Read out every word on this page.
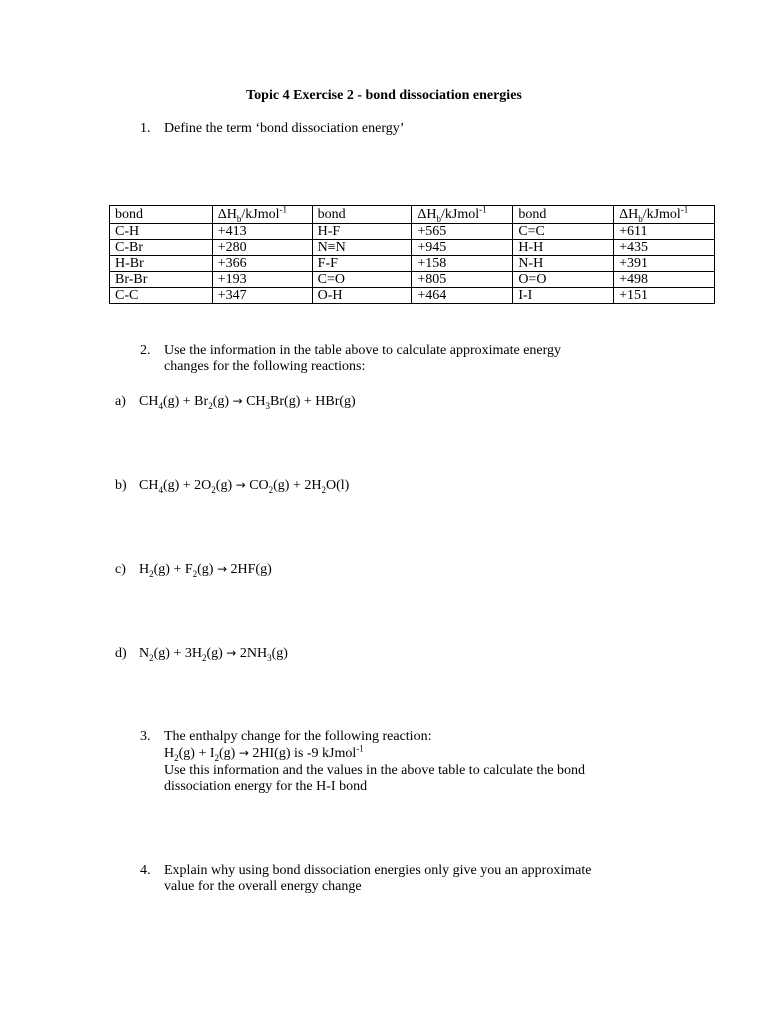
Topic 4 Exercise 2 - bond dissociation energies
1. Define the term ‘bond dissociation energy’
bond	$\Delta H_b/kJmol^{-1}$	bond	$\Delta H_b/kJmol^{-1}$	bond	$\Delta H_b/kJmol^{-1}$
C-H	+413	H-F	+565	C=C	+611
C-Br	+280	N≡N	+945	H-H	+435
H-Br	+366	F-F	+158	N-H	+391
Br-Br	+193	C=O	+805	O=O	+498
C-C	+347	O-H	+464	I-I	+151
2. Use the information in the table above to calculate approximate energy
changes for the following reactions:
a) $CH_4(g) + Br_2(g) \to CH_3Br(g) + HBr(g)$
b) $CH_4(g) + 2O_2(g) \to CO_2(g) + 2H_2O(l)$
c) $H_2(g) + F_2(g) \to 2HF(g)$
d) $N_2(g) + 3H_2(g) \to 2NH_3(g)$
3. The enthalpy change for the following reaction:
$H_2(g) + I_2(g) \to 2HI(g)$ is -9 kJmol$^{-1}$
Use this information and the values in the above table to calculate the bond
dissociation energy for the H-I bond
4. Explain why using bond dissociation energies only give you an approximate
value for the overall energy change
